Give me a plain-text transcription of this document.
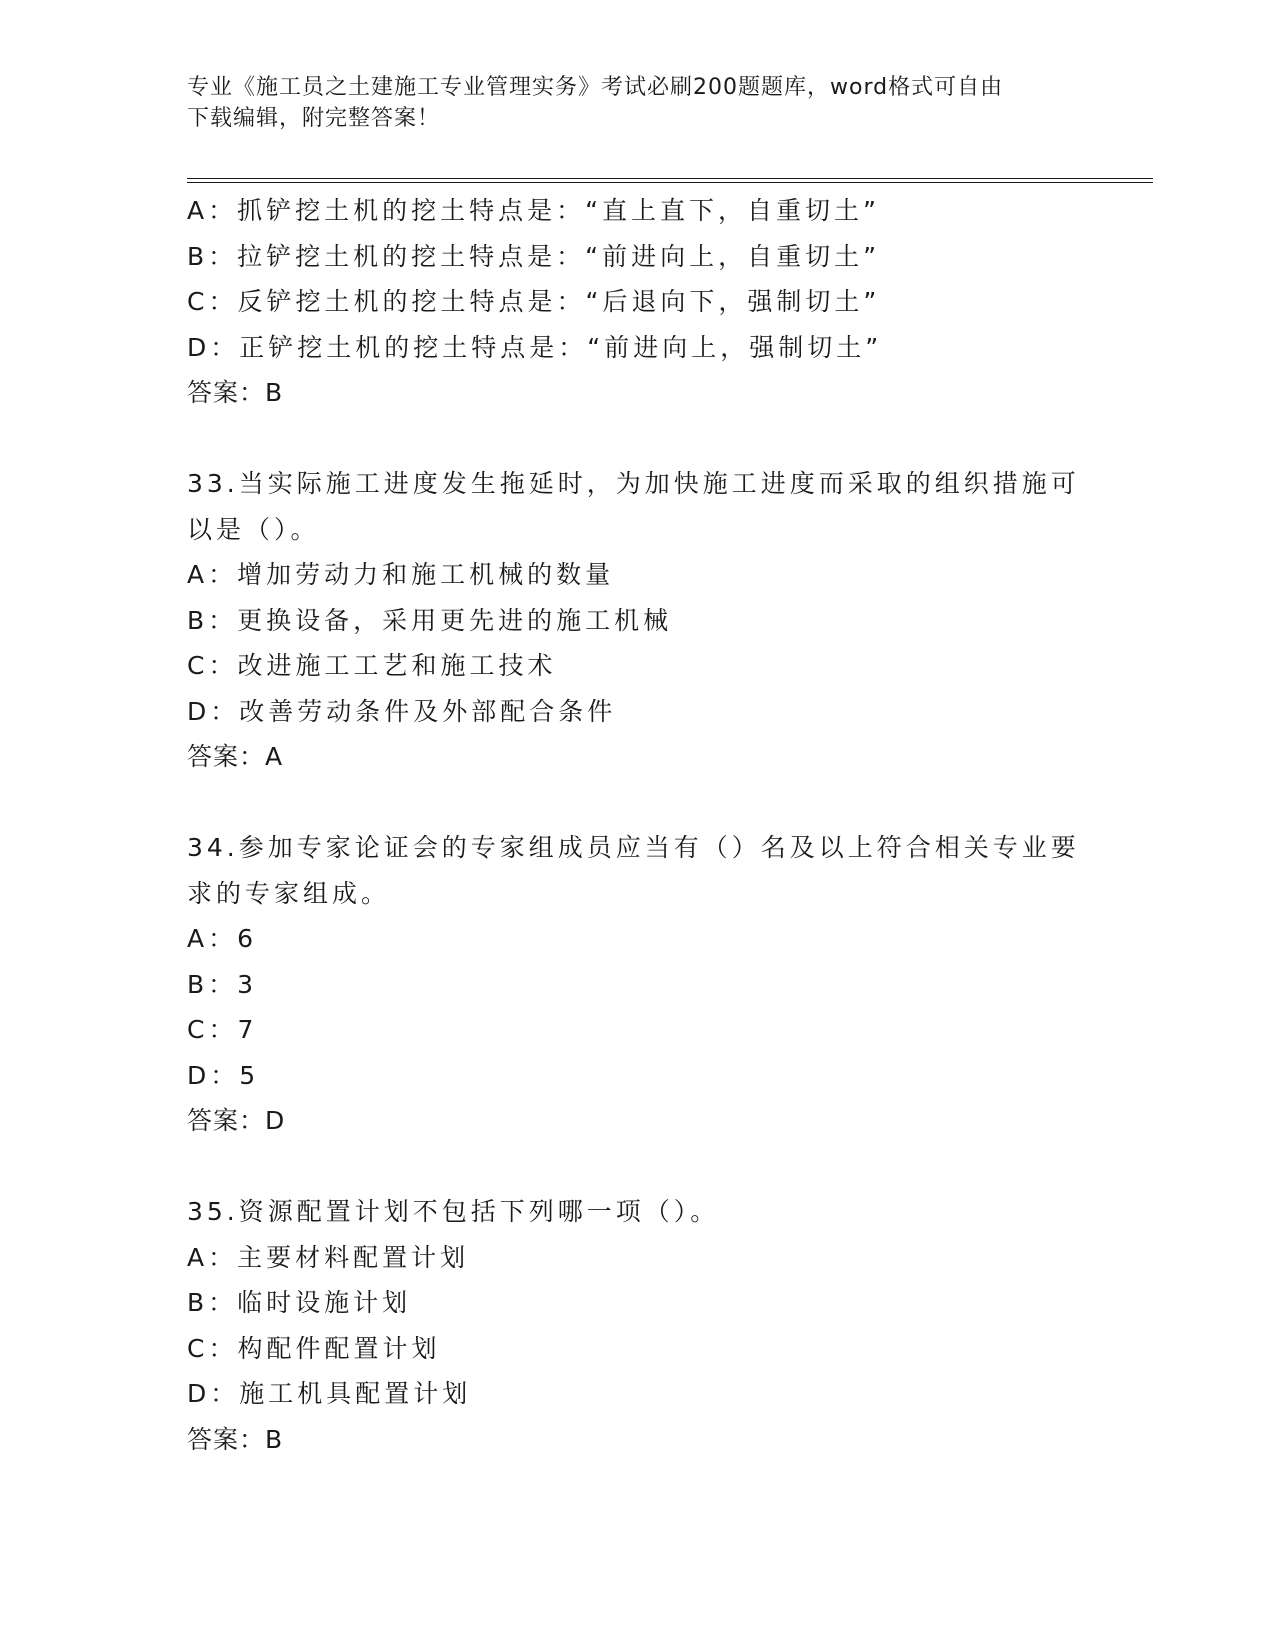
专业《施工员之土建施工专业管理实务》考试必刷200题题库，word格式可自由
下载编辑，附完整答案！
A：抓铲挖土机的挖土特点是：“直上直下，自重切土”
B：拉铲挖土机的挖土特点是：“前进向上，自重切土”
C：反铲挖土机的挖土特点是：“后退向下，强制切土”
D：正铲挖土机的挖土特点是：“前进向上，强制切土”
答案：B
33.当实际施工进度发生拖延时，为加快施工进度而采取的组织措施可
以是（）。
A：增加劳动力和施工机械的数量
B：更换设备，采用更先进的施工机械
C：改进施工工艺和施工技术
D：改善劳动条件及外部配合条件
答案：A
34.参加专家论证会的专家组成员应当有（）名及以上符合相关专业要
求的专家组成。
A：6
B：3
C：7
D：5
答案：D
35.资源配置计划不包括下列哪一项（）。
A：主要材料配置计划
B：临时设施计划
C：构配件配置计划
D：施工机具配置计划
答案：B
